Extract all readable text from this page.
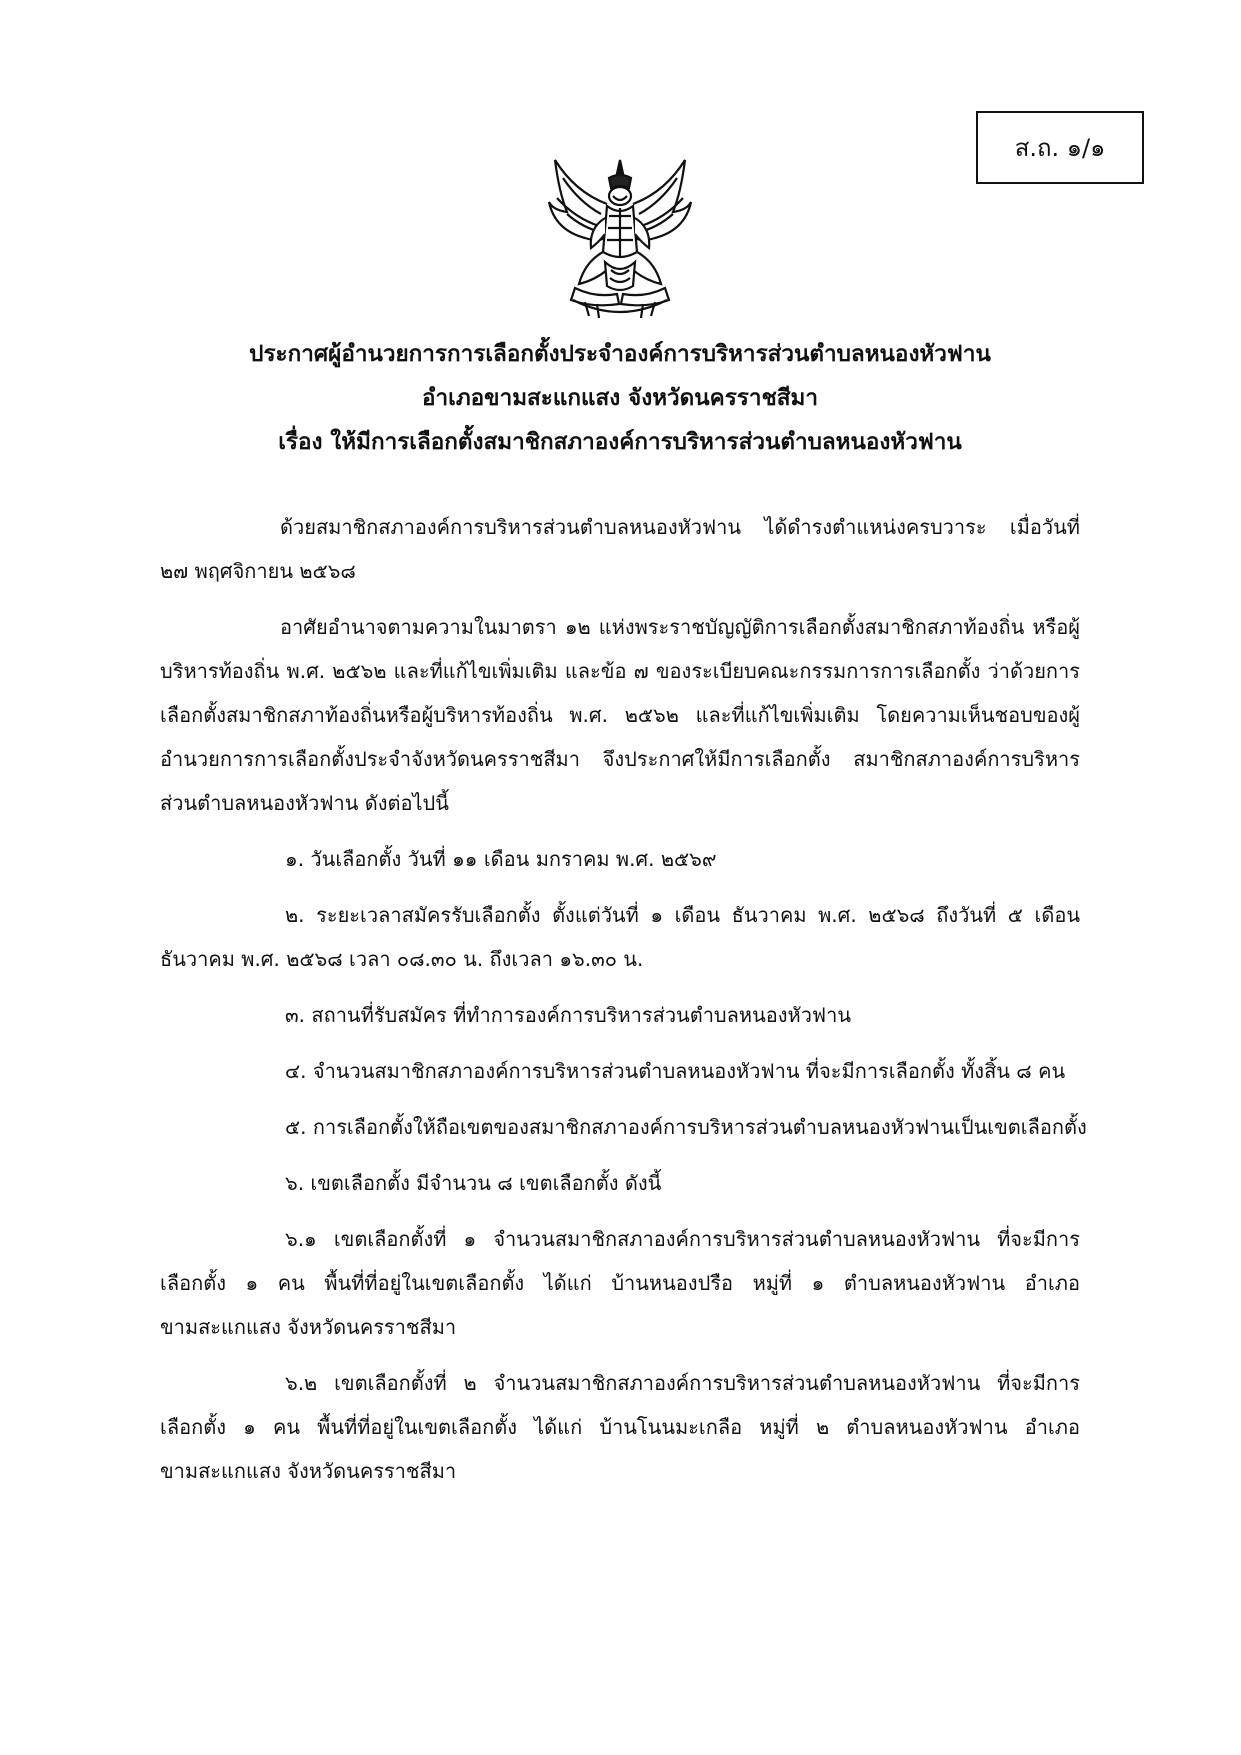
ส.ถ. ๑/๑
ประกาศผู้อำนวยการการเลือกตั้งประจำองค์การบริหารส่วนตำบลหนองหัวฟาน
อำเภอขามสะแกแสง จังหวัดนครราชสีมา
เรื่อง ให้มีการเลือกตั้งสมาชิกสภาองค์การบริหารส่วนตำบลหนองหัวฟาน

ด้วยสมาชิกสภาองค์การบริหารส่วนตำบลหนองหัวฟาน ได้ดำรงตำแหน่งครบวาระ เมื่อวันที่ ๒๗ พฤศจิกายน ๒๕๖๘

อาศัยอำนาจตามความในมาตรา ๑๒ แห่งพระราชบัญญัติการเลือกตั้งสมาชิกสภาท้องถิ่น หรือผู้บริหารท้องถิ่น พ.ศ. ๒๕๖๒ และที่แก้ไขเพิ่มเติม และข้อ ๗ ของระเบียบคณะกรรมการการเลือกตั้ง ว่าด้วยการเลือกตั้งสมาชิกสภาท้องถิ่นหรือผู้บริหารท้องถิ่น พ.ศ. ๒๕๖๒ และที่แก้ไขเพิ่มเติม โดยความเห็นชอบของผู้อำนวยการการเลือกตั้งประจำจังหวัดนครราชสีมา จึงประกาศให้มีการเลือกตั้ง สมาชิกสภาองค์การบริหารส่วนตำบลหนองหัวฟาน ดังต่อไปนี้

๑. วันเลือกตั้ง วันที่ ๑๑ เดือน มกราคม พ.ศ. ๒๕๖๙

๒. ระยะเวลาสมัครรับเลือกตั้ง ตั้งแต่วันที่ ๑ เดือน ธันวาคม พ.ศ. ๒๕๖๘ ถึงวันที่ ๕ เดือน ธันวาคม พ.ศ. ๒๕๖๘ เวลา ๐๘.๓๐ น. ถึงเวลา ๑๖.๓๐ น.

๓. สถานที่รับสมัคร ที่ทำการองค์การบริหารส่วนตำบลหนองหัวฟาน

๔. จำนวนสมาชิกสภาองค์การบริหารส่วนตำบลหนองหัวฟาน ที่จะมีการเลือกตั้ง ทั้งสิ้น ๘ คน

๕. การเลือกตั้งให้ถือเขตของสมาชิกสภาองค์การบริหารส่วนตำบลหนองหัวฟานเป็นเขตเลือกตั้ง

๖. เขตเลือกตั้ง มีจำนวน ๘ เขตเลือกตั้ง ดังนี้

๖.๑ เขตเลือกตั้งที่ ๑ จำนวนสมาชิกสภาองค์การบริหารส่วนตำบลหนองหัวฟาน ที่จะมีการเลือกตั้ง ๑ คน พื้นที่ที่อยู่ในเขตเลือกตั้ง ได้แก่ บ้านหนองปรือ หมู่ที่ ๑ ตำบลหนองหัวฟาน อำเภอขามสะแกแสง จังหวัดนครราชสีมา

๖.๒ เขตเลือกตั้งที่ ๒ จำนวนสมาชิกสภาองค์การบริหารส่วนตำบลหนองหัวฟาน ที่จะมีการเลือกตั้ง ๑ คน พื้นที่ที่อยู่ในเขตเลือกตั้ง ได้แก่ บ้านโนนมะเกลือ หมู่ที่ ๒ ตำบลหนองหัวฟาน อำเภอขามสะแกแสง จังหวัดนครราชสีมา
